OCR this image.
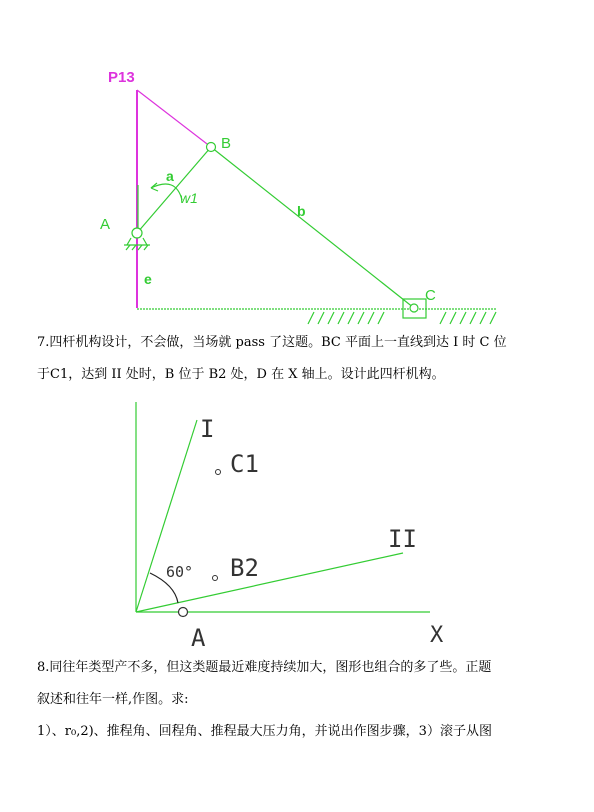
P13
B
a
w1
b
A
e
C
7.四杆机构设计，不会做，当场就 pass 了这题。BC 平面上一直线到达 I 时 C 位
于C1，达到 II 处时，B 位于 B2 处，D 在 X 轴上。设计此四杆机构。
I
C1
II
60° B2
A	X
8.同往年类型产不多，但这类题最近难度持续加大，图形也组合的多了些。正题
叙述和往年一样,作图。求:
1）、r₀,2)、推程角、回程角、推程最大压力角，并说出作图步骤，3）滚子从图
